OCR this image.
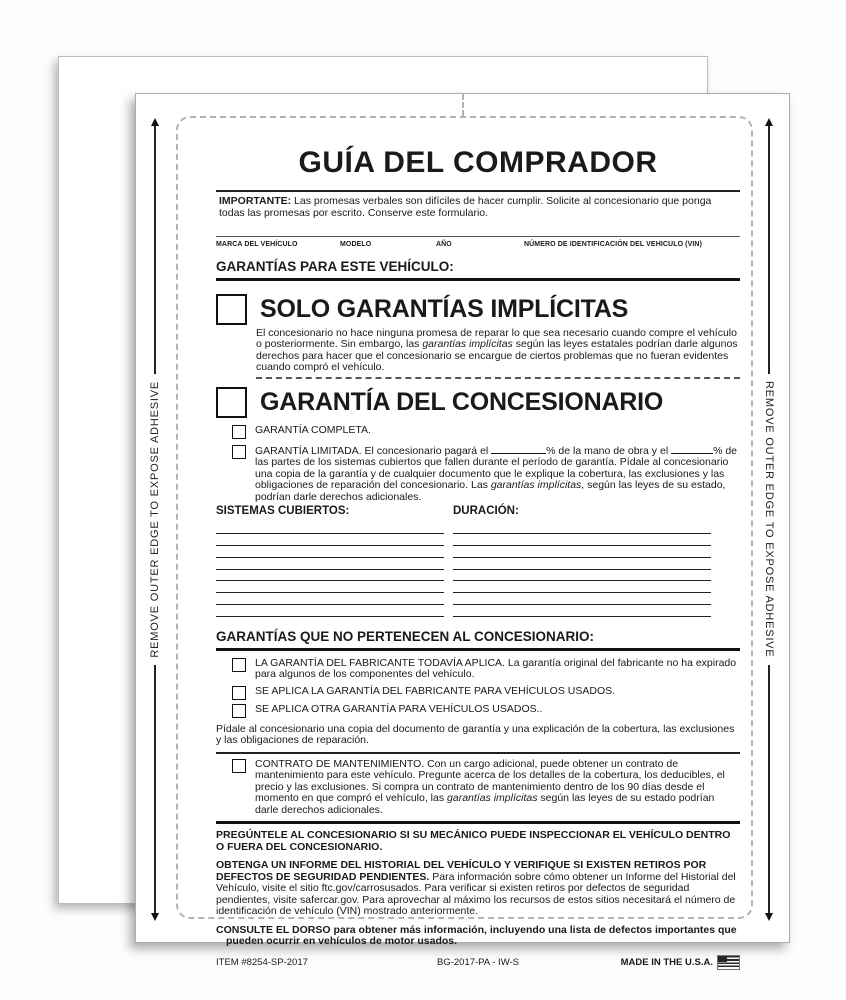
REMOVE OUTER EDGE TO EXPOSE ADHESIVE	REMOVE OUTER EDGE TO EXPOSE ADHESIVE
GUÍA DEL COMPRADOR
IMPORTANTE: Las promesas verbales son difíciles de hacer cumplir. Solicite al concesionario que ponga todas las promesas por escrito. Conserve este formulario.
MARCA DEL VEHÍCULO	MODELO	AÑO	NÚMERO DE IDENTIFICACIÓN DEL VEHICULO (VIN)
GARANTÍAS PARA ESTE VEHÍCULO:
SOLO GARANTÍAS IMPLÍCITAS
El concesionario no hace ninguna promesa de reparar lo que sea necesario cuando compre el vehículo o posteriormente. Sin embargo, las garantías implícitas según las leyes estatales podrían darle algunos derechos para hacer que el concesionario se encargue de ciertos problemas que no fueran evidentes cuando compró el vehículo.
GARANTÍA DEL CONCESIONARIO
GARANTÍA COMPLETA.
GARANTÍA LIMITADA. El concesionario pagará el	% de la mano de obra y el	% de las partes de los sistemas cubiertos que fallen durante el período de garantía. Pídale al concesionario una copia de la garantía y de cualquier documento que le explique la cobertura, las exclusiones y las obligaciones de reparación del concesionario. Las garantías implícitas, según las leyes de su estado, podrían darle derechos adicionales.
SISTEMAS CUBIERTOS:	DURACIÓN:
GARANTÍAS QUE NO PERTENECEN AL CONCESIONARIO:
LA GARANTÍA DEL FABRICANTE TODAVÍA APLICA. La garantía original del fabricante no ha expirado para algunos de los componentes del vehículo.
SE APLICA LA GARANTÍA DEL FABRICANTE PARA VEHÍCULOS USADOS.
SE APLICA OTRA GARANTÍA PARA VEHÍCULOS USADOS..
Pídale al concesionario una copia del documento de garantía y una explicación de la cobertura, las exclusiones y las obligaciones de reparación.
CONTRATO DE MANTENIMIENTO. Con un cargo adicional, puede obtener un contrato de mantenimiento para este vehículo. Pregunte acerca de los detalles de la cobertura, los deducibles, el precio y las exclusiones. Si compra un contrato de mantenimiento dentro de los 90 días desde el momento en que compró el vehículo, las garantías implícitas según las leyes de su estado podrían darle derechos adicionales.
PREGÚNTELE AL CONCESIONARIO SI SU MECÁNICO PUEDE INSPECCIONAR EL VEHÍCULO DENTRO O FUERA DEL CONCESIONARIO.
OBTENGA UN INFORME DEL HISTORIAL DEL VEHÍCULO Y VERIFIQUE SI EXISTEN RETIROS POR DEFECTOS DE SEGURIDAD PENDIENTES. Para información sobre cómo obtener un Informe del Historial del Vehículo, visite el sitio ftc.gov/carrosusados. Para verificar si existen retiros por defectos de seguridad pendientes, visite safercar.gov. Para aprovechar al máximo los recursos de estos sitios necesitará el número de identificación de vehículo (VIN) mostrado anteriormente.
CONSULTE EL DORSO para obtener más información, incluyendo una lista de defectos importantes que pueden ocurrir en vehículos de motor usados.
ITEM #8254-SP-2017	BG-2017-PA - IW-S	MADE IN THE U.S.A.
